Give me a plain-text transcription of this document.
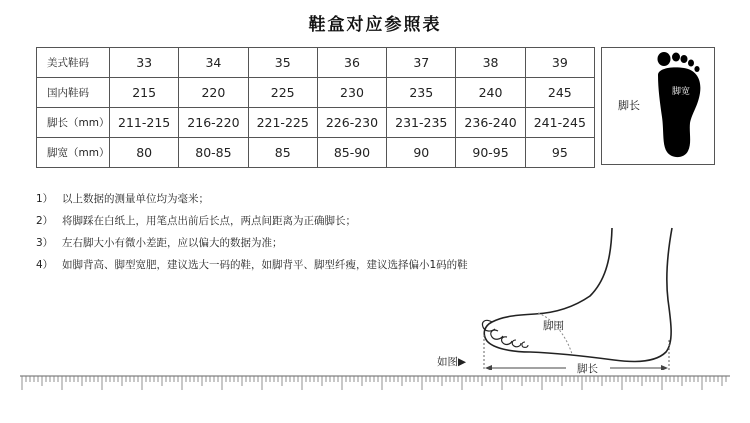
鞋盒对应参照表
美式鞋码	33	34	35	36	37	38	39
国内鞋码	215	220	225	230	235	240	245
脚长（mm）	211-215	216-220	221-225	226-230	231-235	236-240	241-245
脚宽（mm）	80	80-85	85	85-90	90	90-95	95
脚长
脚宽
1） 以上数据的测量单位均为毫米；
2） 将脚踩在白纸上，用笔点出前后长点，两点间距离为正确脚长；
3） 左右脚大小有微小差距，应以偏大的数据为准；
4） 如脚背高、脚型宽肥，建议选大一码的鞋，如脚背平、脚型纤瘦，建议选择偏小1码的鞋
脚围
脚长
如图▶
